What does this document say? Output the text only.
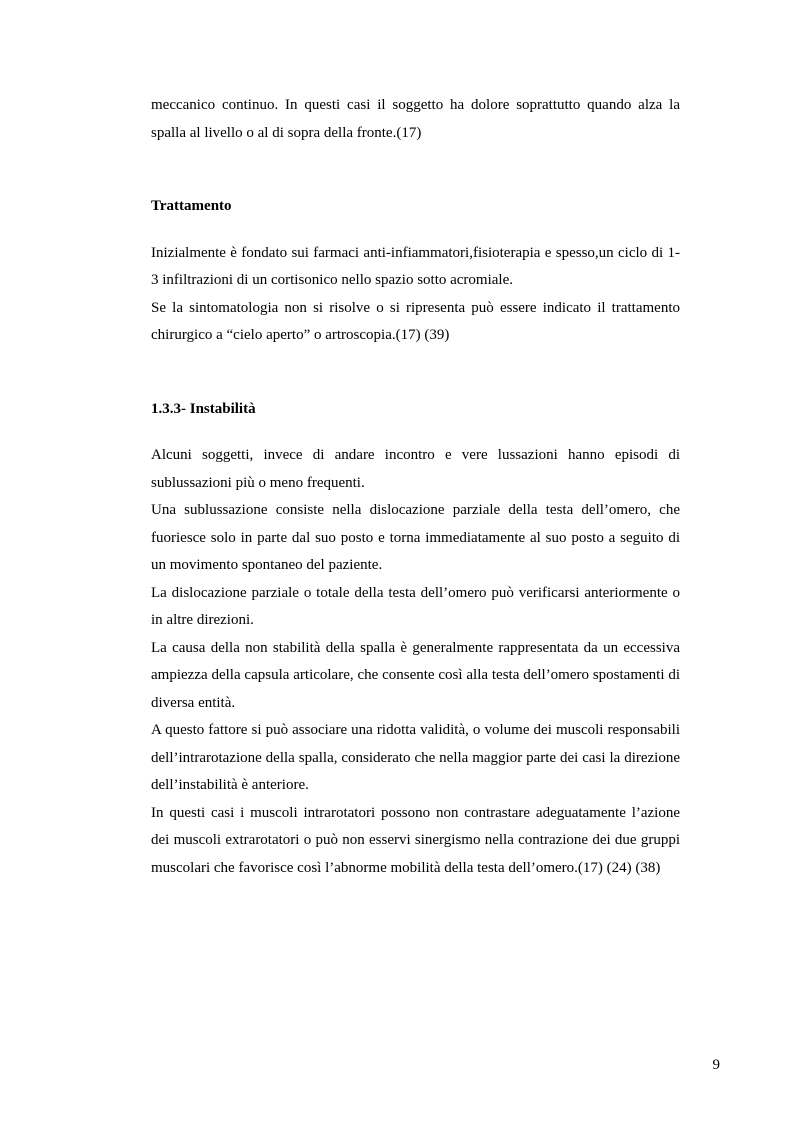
meccanico continuo. In questi casi il soggetto ha dolore soprattutto quando alza la

spalla al livello o al di sopra della fronte.(17)

Trattamento

Inizialmente è fondato sui farmaci anti-infiammatori,fisioterapia e spesso,un ciclo di 1-3 infiltrazioni di un cortisonico nello spazio sotto acromiale.

Se la sintomatologia non si risolve o si ripresenta può essere indicato il trattamento chirurgico a “cielo aperto” o artroscopia.(17) (39)

1.3.3- Instabilità

Alcuni soggetti, invece di andare incontro e vere lussazioni hanno episodi di sublussazioni più o meno frequenti.

Una sublussazione consiste nella dislocazione parziale della testa dell’omero, che fuoriesce solo in parte dal suo posto e torna immediatamente al suo posto a seguito di un movimento spontaneo del paziente.

La dislocazione parziale o totale della testa dell’omero può verificarsi anteriormente o in altre direzioni.

La causa della non stabilità della spalla è generalmente rappresentata da un eccessiva ampiezza della capsula articolare, che consente così alla testa dell’omero spostamenti di diversa entità.

A questo fattore si può associare una ridotta validità, o volume dei muscoli responsabili dell’intrarotazione della spalla, considerato che nella maggior parte dei casi la direzione dell’instabilità è anteriore.

In questi casi i muscoli intrarotatori possono non contrastare adeguatamente l’azione dei muscoli extrarotatori o può non esservi sinergismo nella contrazione dei due gruppi muscolari che favorisce così l’abnorme mobilità della testa dell’omero.(17) (24) (38)

9
